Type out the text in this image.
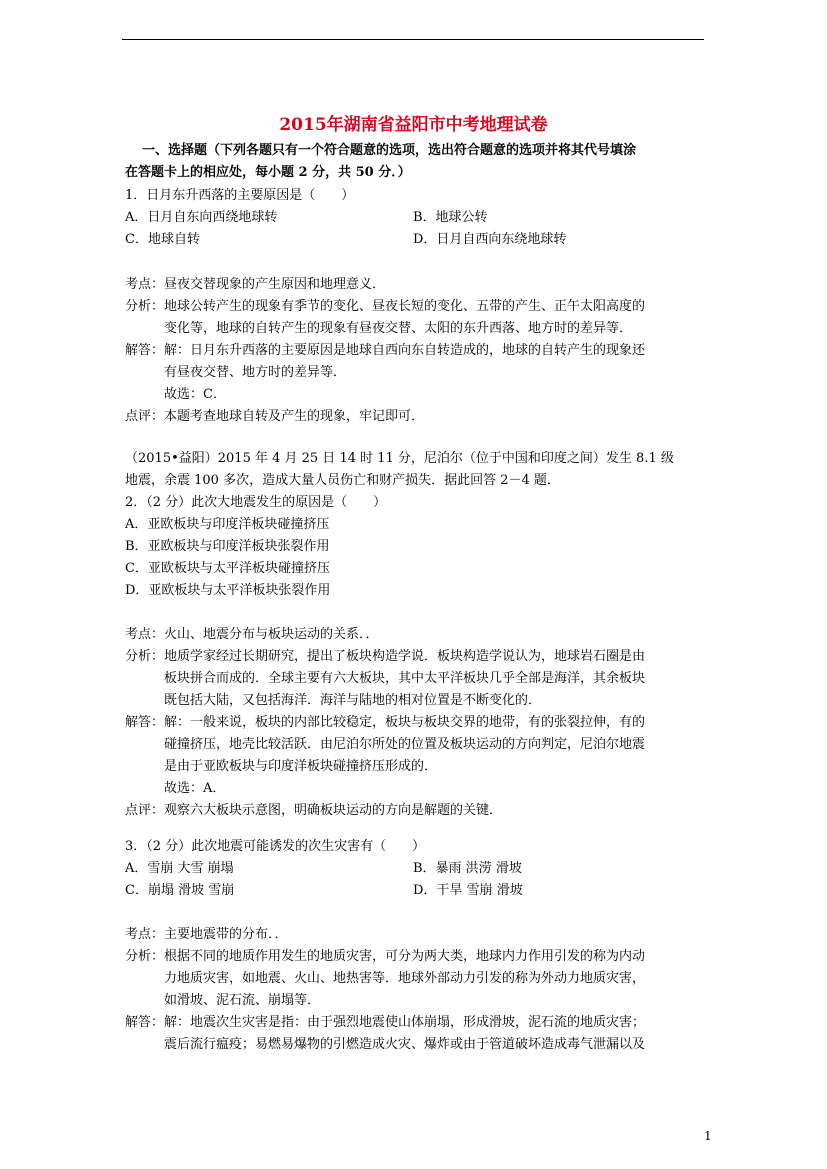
2015年湖南省益阳市中考地理试卷
一、选择题（下列各题只有一个符合题意的选项，选出符合题意的选项并将其代号填涂
在答题卡上的相应处，每小题 2 分，共 50 分．）
1．日月东升西落的主要原因是（　　）
A．日月自东向西绕地球转	B．地球公转
C．地球自转	D．日月自西向东绕地球转
考点：昼夜交替现象的产生原因和地理意义．
分析：地球公转产生的现象有季节的变化、昼夜长短的变化、五带的产生、正午太阳高度的
变化等，地球的自转产生的现象有昼夜交替、太阳的东升西落、地方时的差异等．
解答：解：日月东升西落的主要原因是地球自西向东自转造成的，地球的自转产生的现象还
有昼夜交替、地方时的差异等．
故选：C．
点评：本题考查地球自转及产生的现象，牢记即可．
（2015•益阳）2015 年 4 月 25 日 14 时 11 分，尼泊尔（位于中国和印度之间）发生 8.1 级
地震，余震 100 多次，造成大量人员伤亡和财产损失．据此回答 2－4 题．
2．（2 分）此次大地震发生的原因是（　　）
A．亚欧板块与印度洋板块碰撞挤压
B．亚欧板块与印度洋板块张裂作用
C．亚欧板块与太平洋板块碰撞挤压
D．亚欧板块与太平洋板块张裂作用
考点：火山、地震分布与板块运动的关系．．
分析：地质学家经过长期研究，提出了板块构造学说．板块构造学说认为，地球岩石圈是由
板块拼合而成的．全球主要有六大板块，其中太平洋板块几乎全部是海洋，其余板块
既包括大陆，又包括海洋．海洋与陆地的相对位置是不断变化的．
解答：解：一般来说，板块的内部比较稳定，板块与板块交界的地带，有的张裂拉伸，有的
碰撞挤压，地壳比较活跃．由尼泊尔所处的位置及板块运动的方向判定，尼泊尔地震
是由于亚欧板块与印度洋板块碰撞挤压形成的．
故选：A．
点评：观察六大板块示意图，明确板块运动的方向是解题的关键．
3．（2 分）此次地震可能诱发的次生灾害有（　　）
A．雪崩 大雪 崩塌	B．暴雨 洪涝 滑坡
C．崩塌 滑坡 雪崩	D．干旱 雪崩 滑坡
考点：主要地震带的分布．．
分析：根据不同的地质作用发生的地质灾害，可分为两大类，地球内力作用引发的称为内动
力地质灾害，如地震、火山、地热害等．地球外部动力引发的称为外动力地质灾害，
如滑坡、泥石流、崩塌等．
解答：解：地震次生灾害是指：由于强烈地震使山体崩塌，形成滑坡，泥石流的地质灾害；
震后流行瘟疫；易燃易爆物的引燃造成火灾、爆炸或由于管道破坏造成毒气泄漏以及
1
